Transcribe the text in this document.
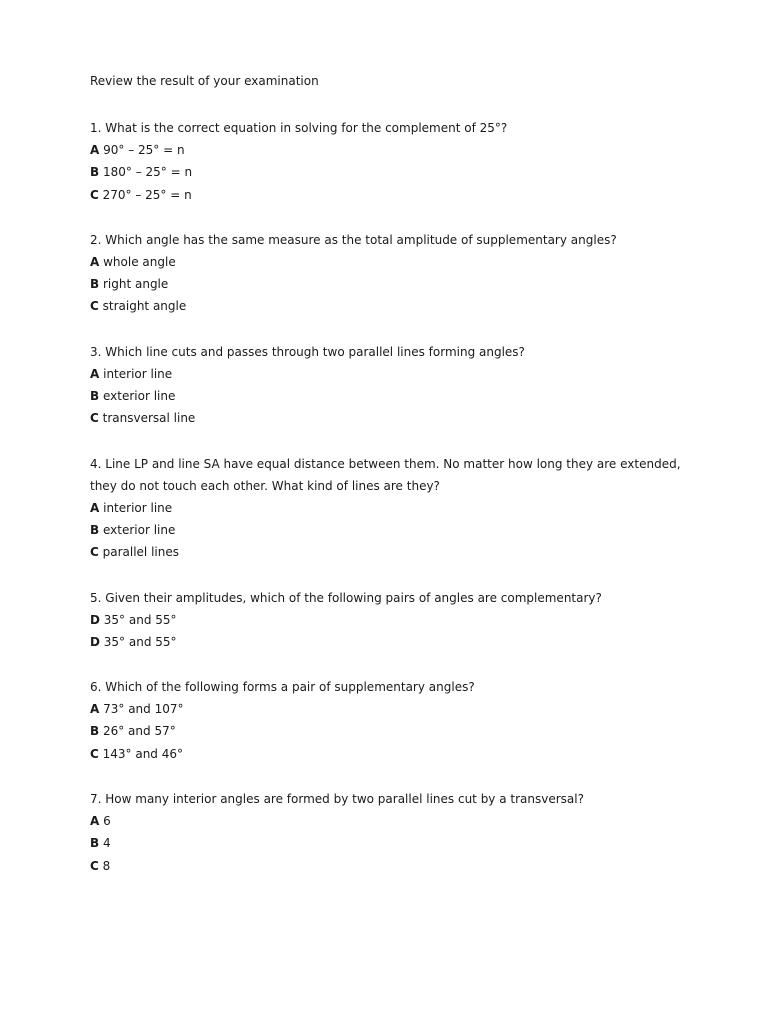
Review the result of your examination
1. What is the correct equation in solving for the complement of 25°?
A 90° – 25° = n
B 180° – 25° = n
C 270° – 25° = n
2. Which angle has the same measure as the total amplitude of supplementary angles?
A whole angle
B right angle
C straight angle
3. Which line cuts and passes through two parallel lines forming angles?
A interior line
B exterior line
C transversal line
4. Line LP and line SA have equal distance between them. No matter how long they are extended, they do not touch each other. What kind of lines are they?
A interior line
B exterior line
C parallel lines
5. Given their amplitudes, which of the following pairs of angles are complementary?
D 35° and 55°
D 35° and 55°
6. Which of the following forms a pair of supplementary angles?
A 73° and 107°
B 26° and 57°
C 143° and 46°
7. How many interior angles are formed by two parallel lines cut by a transversal?
A 6
B 4
C 8
